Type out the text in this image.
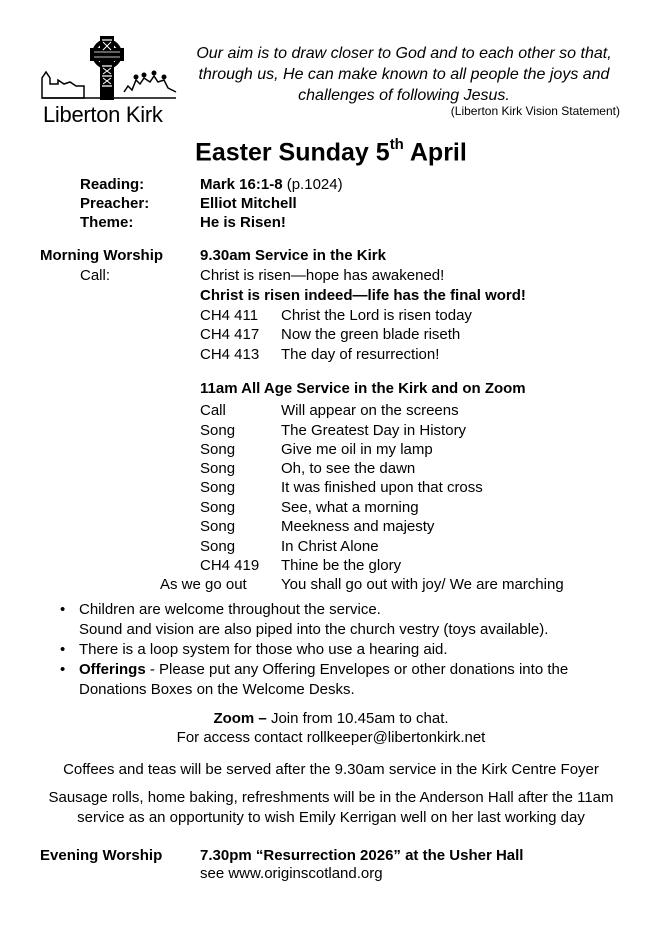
Liberton Kirk
Our aim is to draw closer to God and to each other so that, through us, He can make known to all people the joys and challenges of following Jesus.
(Liberton Kirk Vision Statement)
Easter Sunday 5th April
Reading:	Mark 16:1-8 (p.1024)
Preacher:	Elliot Mitchell
Theme:	He is Risen!
Morning Worship 9.30am Service in the Kirk
Call:	Christ is risen—hope has awakened!
Christ is risen indeed—life has the final word!
CH4 411 Christ the Lord is risen today
CH4 417 Now the green blade riseth
CH4 413 The day of resurrection!
11am All Age Service in the Kirk and on Zoom
Call	Will appear on the screens
Song	The Greatest Day in History
Song	Give me oil in my lamp
Song	Oh, to see the dawn
Song	It was finished upon that cross
Song	See, what a morning
Song	Meekness and majesty
Song	In Christ Alone
CH4 419 Thine be the glory
As we go out You shall go out with joy/ We are marching
• Children are welcome throughout the service.
Sound and vision are also piped into the church vestry (toys available).
• There is a loop system for those who use a hearing aid.
• Offerings - Please put any Offering Envelopes or other donations into the Donations Boxes on the Welcome Desks.
Zoom – Join from 10.45am to chat.
For access contact rollkeeper@libertonkirk.net
Coffees and teas will be served after the 9.30am service in the Kirk Centre Foyer
Sausage rolls, home baking, refreshments will be in the Anderson Hall after the 11am service as an opportunity to wish Emily Kerrigan well on her last working day
Evening Worship	7.30pm “Resurrection 2026” at the Usher Hall
see www.originscotland.org
